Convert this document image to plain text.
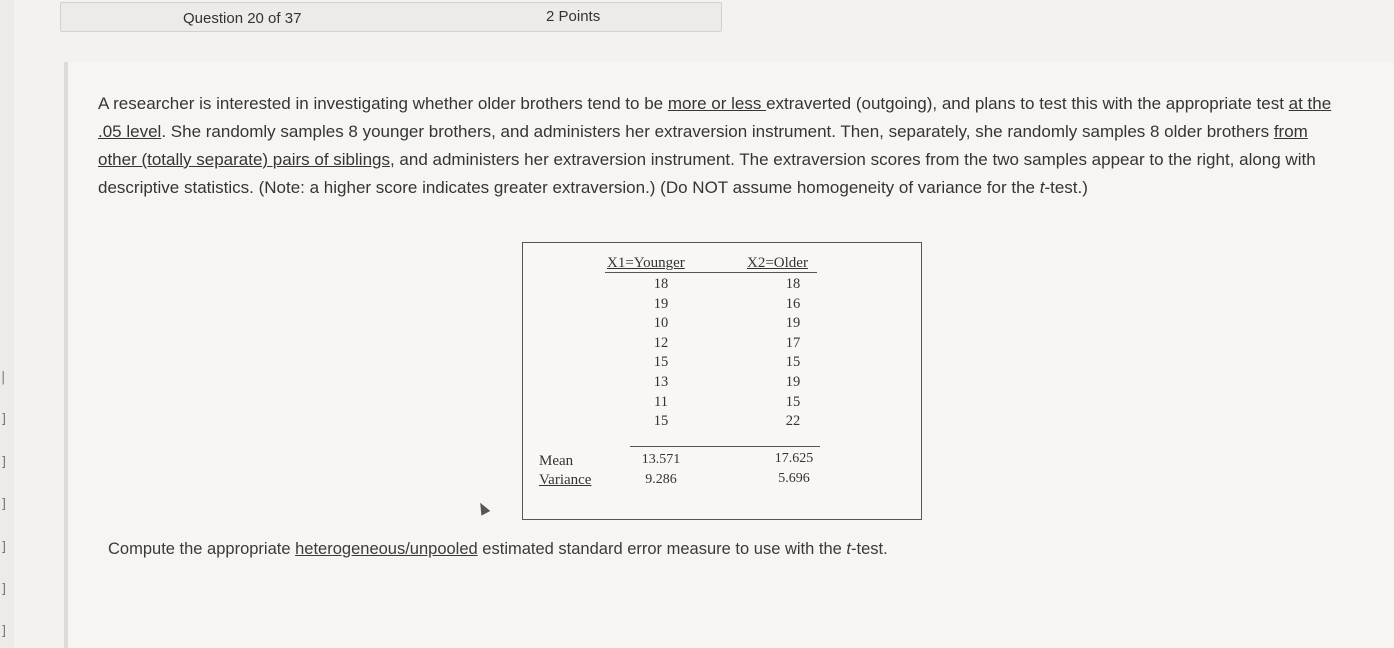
|
]
]
]
]
]
]
Question 20 of 37	2 Points
A researcher is interested in investigating whether older brothers tend to be more or less extraverted (outgoing), and plans to test this with the appropriate test at the .05 level. She randomly samples 8 younger brothers, and administers her extraversion instrument. Then, separately, she randomly samples 8 older brothers from other (totally separate) pairs of siblings, and administers her extraversion instrument. The extraversion scores from the two samples appear to the right, along with descriptive statistics. (Note: a higher score indicates greater extraversion.) (Do NOT assume homogeneity of variance for the t-test.)
X1=Younger	X2=Older
18
19
10
12
15
13
11
15
18
16
19
17
15
19
15
22
Mean
Variance
13.571
9.286
17.625
5.696
Compute the appropriate heterogeneous/unpooled estimated standard error measure to use with the t-test.
